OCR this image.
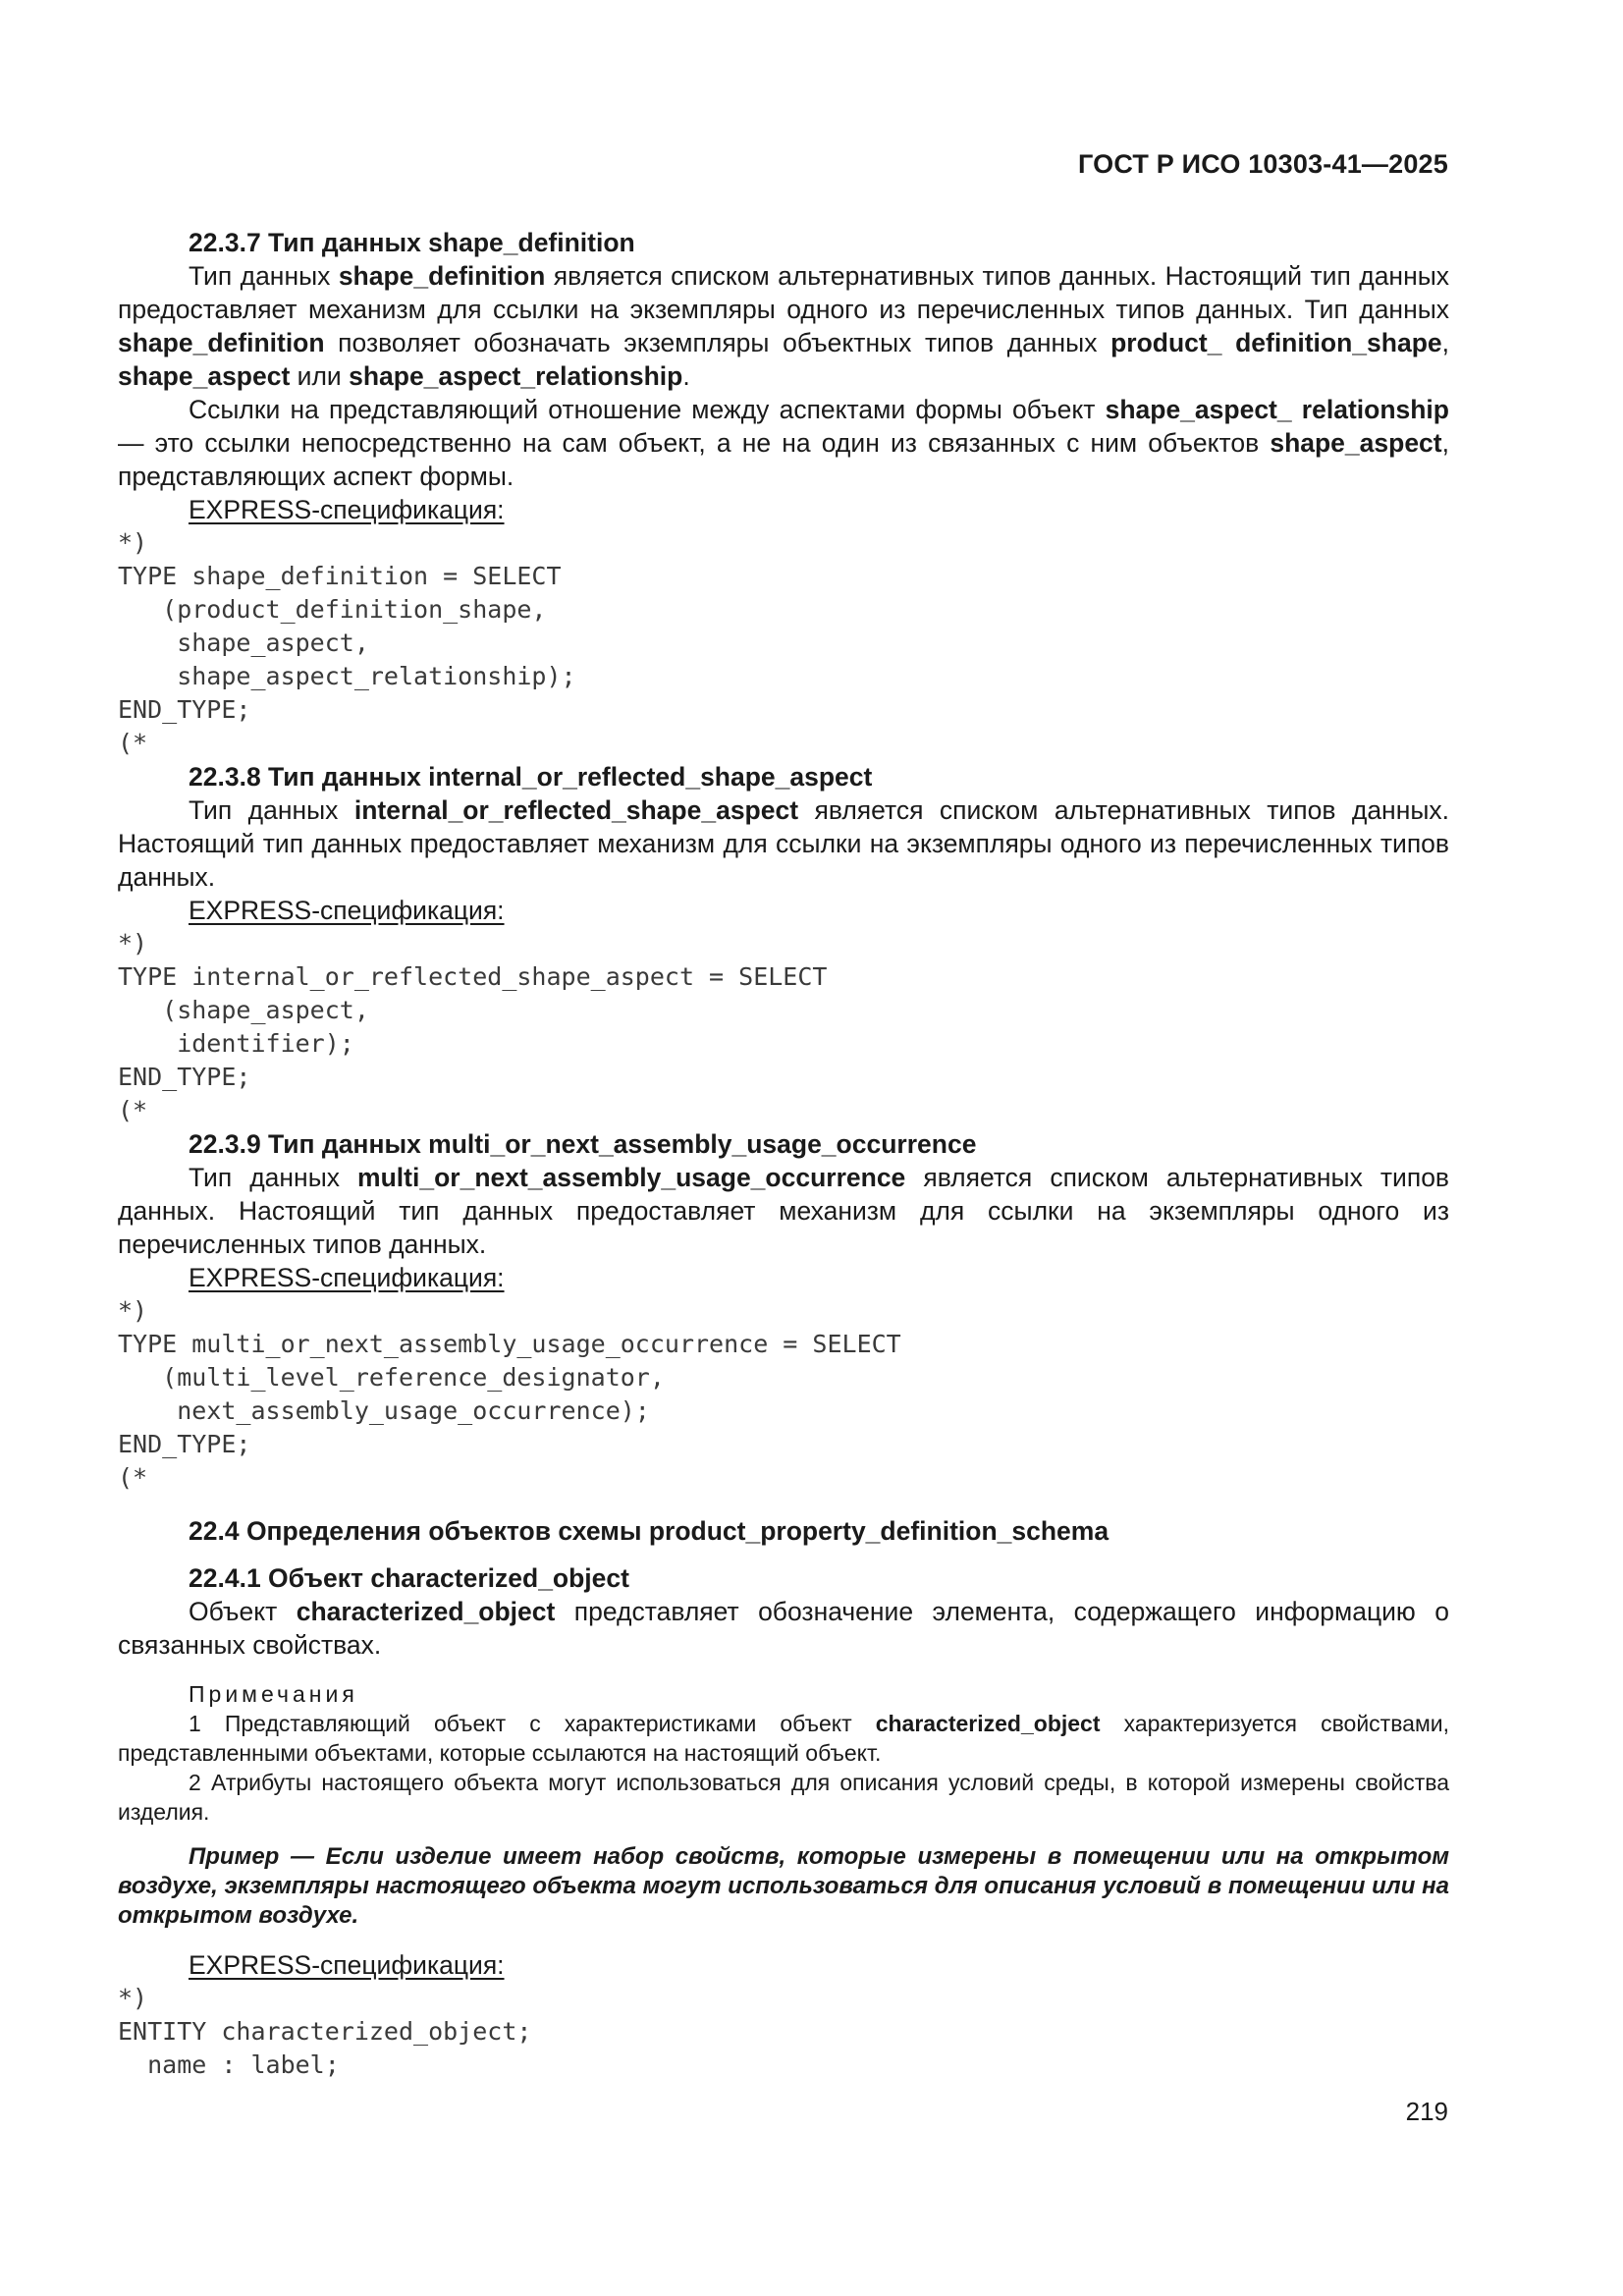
ГОСТ Р ИСО 10303-41—2025

22.3.7 Тип данных shape_definition

Тип данных shape_definition является списком альтернативных типов данных. Настоящий тип данных предоставляет механизм для ссылки на экземпляры одного из перечисленных типов данных. Тип данных shape_definition позволяет обозначать экземпляры объектных типов данных product_ definition_shape, shape_aspect или shape_aspect_relationship.

Ссылки на представляющий отношение между аспектами формы объект shape_aspect_ relationship — это ссылки непосредственно на сам объект, а не на один из связанных с ним объектов shape_aspect, представляющих аспект формы.

EXPRESS-спецификация:

*)
TYPE shape_definition = SELECT
(product_definition_shape,
shape_aspect,
shape_aspect_relationship);
END_TYPE;
(*

22.3.8 Тип данных internal_or_reflected_shape_aspect

Тип данных internal_or_reflected_shape_aspect является списком альтернативных типов данных. Настоящий тип данных предоставляет механизм для ссылки на экземпляры одного из перечисленных типов данных.

EXPRESS-спецификация:

*)
TYPE internal_or_reflected_shape_aspect = SELECT
(shape_aspect,
identifier);
END_TYPE;
(*

22.3.9 Тип данных multi_or_next_assembly_usage_occurrence

Тип данных multi_or_next_assembly_usage_occurrence является списком альтернативных типов данных. Настоящий тип данных предоставляет механизм для ссылки на экземпляры одного из перечисленных типов данных.

EXPRESS-спецификация:

*)
TYPE multi_or_next_assembly_usage_occurrence = SELECT
(multi_level_reference_designator,
next_assembly_usage_occurrence);
END_TYPE;
(*

22.4 Определения объектов схемы product_property_definition_schema

22.4.1 Объект characterized_object

Объект characterized_object представляет обозначение элемента, содержащего информацию о связанных свойствах.

Примечания

1 Представляющий объект с характеристиками объект characterized_object характеризуется свойствами, представленными объектами, которые ссылаются на настоящий объект.

2 Атрибуты настоящего объекта могут использоваться для описания условий среды, в которой измерены свойства изделия.

Пример — Если изделие имеет набор свойств, которые измерены в помещении или на открытом воздухе, экземпляры настоящего объекта могут использоваться для описания условий в помещении или на открытом воздухе.

EXPRESS-спецификация:

*)
ENTITY characterized_object;
name : label;
219
